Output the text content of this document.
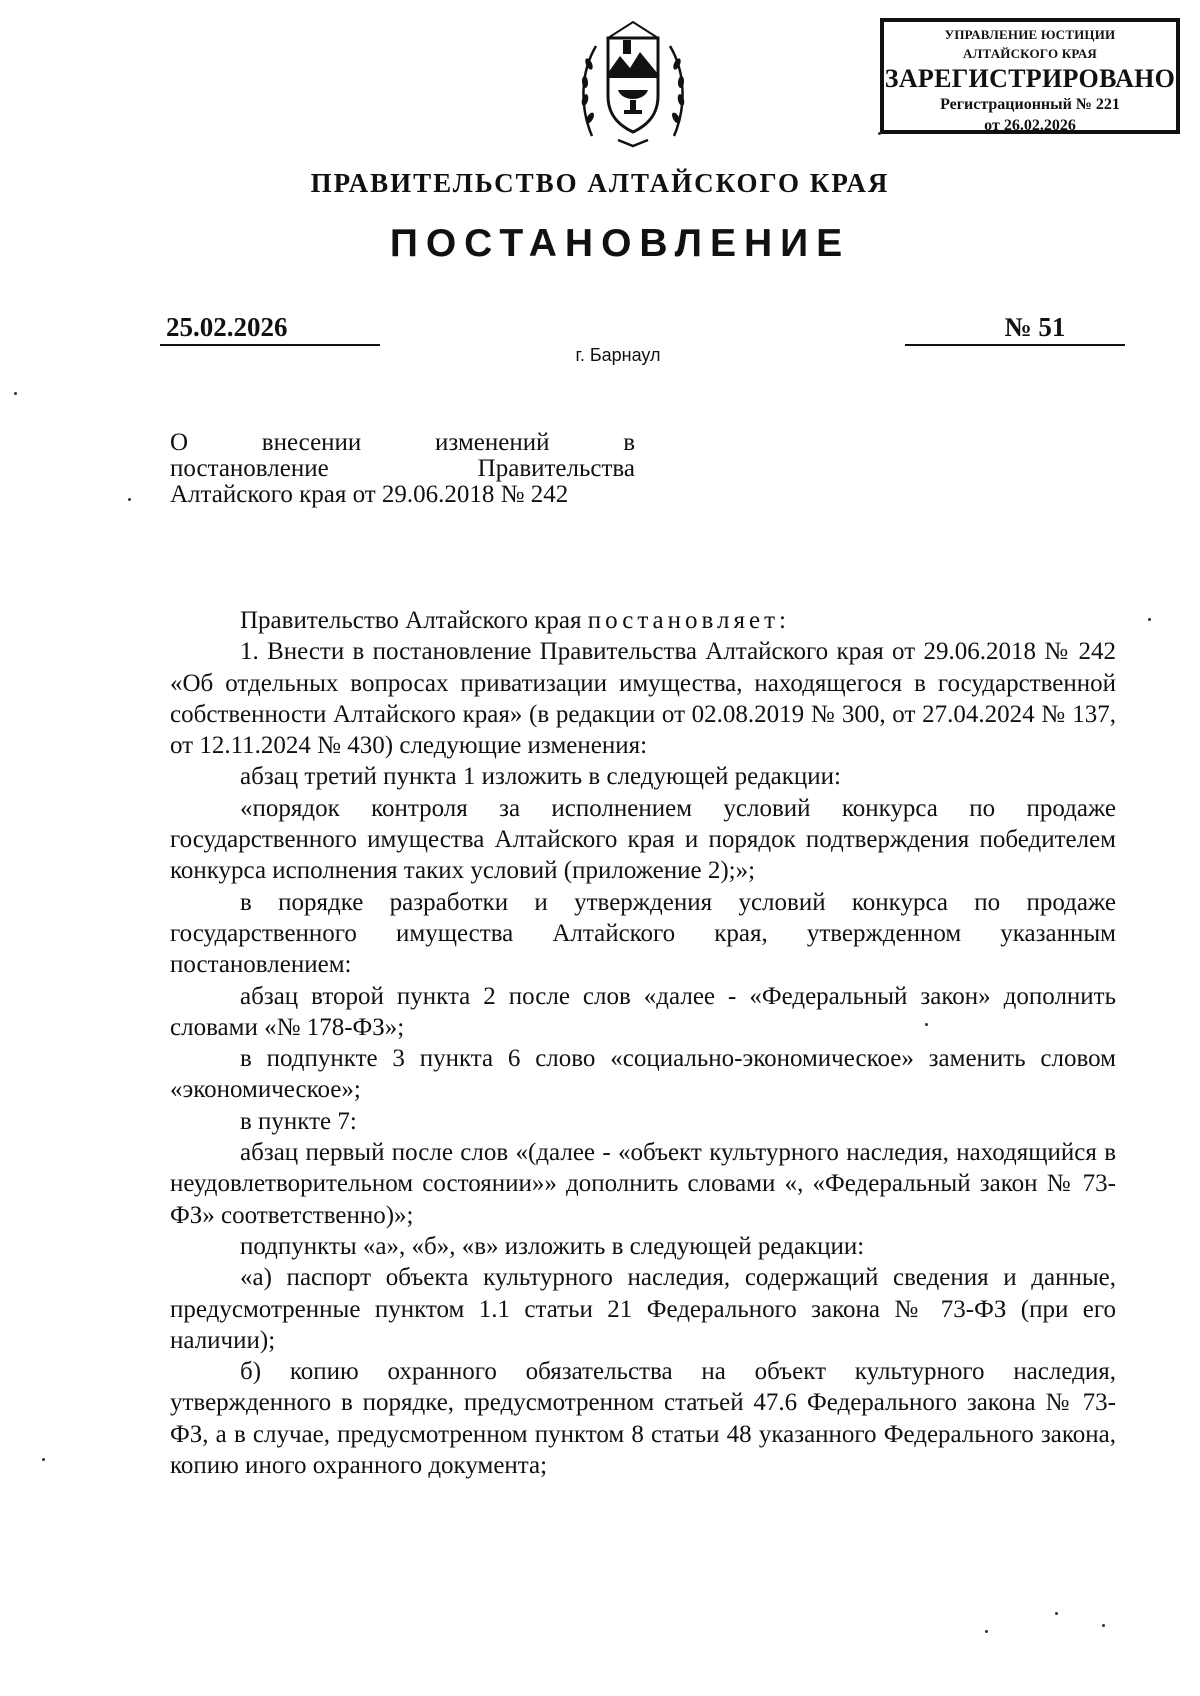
УПРАВЛЕНИЕ ЮСТИЦИИ
АЛТАЙСКОГО КРАЯ
ЗАРЕГИСТРИРОВАНО
Регистрационный № 221
от 26.02.2026
ПРАВИТЕЛЬСТВО АЛТАЙСКОГО КРАЯ
ПОСТАНОВЛЕНИЕ
25.02.2026	№ 51
г. Барнаул
О внесении изменений в
постановление Правительства
Алтайского края от 29.06.2018 № 242

Правительство Алтайского края постановляет:

1. Внести в постановление Правительства Алтайского края от 29.06.2018 № 242 «Об отдельных вопросах приватизации имущества, находящегося в государственной собственности Алтайского края» (в редакции от 02.08.2019 № 300, от 27.04.2024 № 137, от 12.11.2024 № 430) следующие изменения:

абзац третий пункта 1 изложить в следующей редакции:

«порядок контроля за исполнением условий конкурса по продаже государственного имущества Алтайского края и порядок подтверждения победителем конкурса исполнения таких условий (приложение 2);»;

в порядке разработки и утверждения условий конкурса по продаже государственного имущества Алтайского края, утвержденном указанным постановлением:

абзац второй пункта 2 после слов «далее - «Федеральный закон» дополнить словами «№ 178-ФЗ»;

в подпункте 3 пункта 6 слово «социально-экономическое» заменить словом «экономическое»;

в пункте 7:

абзац первый после слов «(далее - «объект культурного наследия, находящийся в неудовлетворительном состоянии»» дополнить словами «, «Федеральный закон № 73-ФЗ» соответственно)»;

подпункты «а», «б», «в» изложить в следующей редакции:

«а) паспорт объекта культурного наследия, содержащий сведения и данные, предусмотренные пунктом 1.1 статьи 21 Федерального закона № 73-ФЗ (при его наличии);

б) копию охранного обязательства на объект культурного наследия, утвержденного в порядке, предусмотренном статьей 47.6 Федерального закона № 73-ФЗ, а в случае, предусмотренном пунктом 8 статьи 48 указанного Федерального закона, копию иного охранного документа;
